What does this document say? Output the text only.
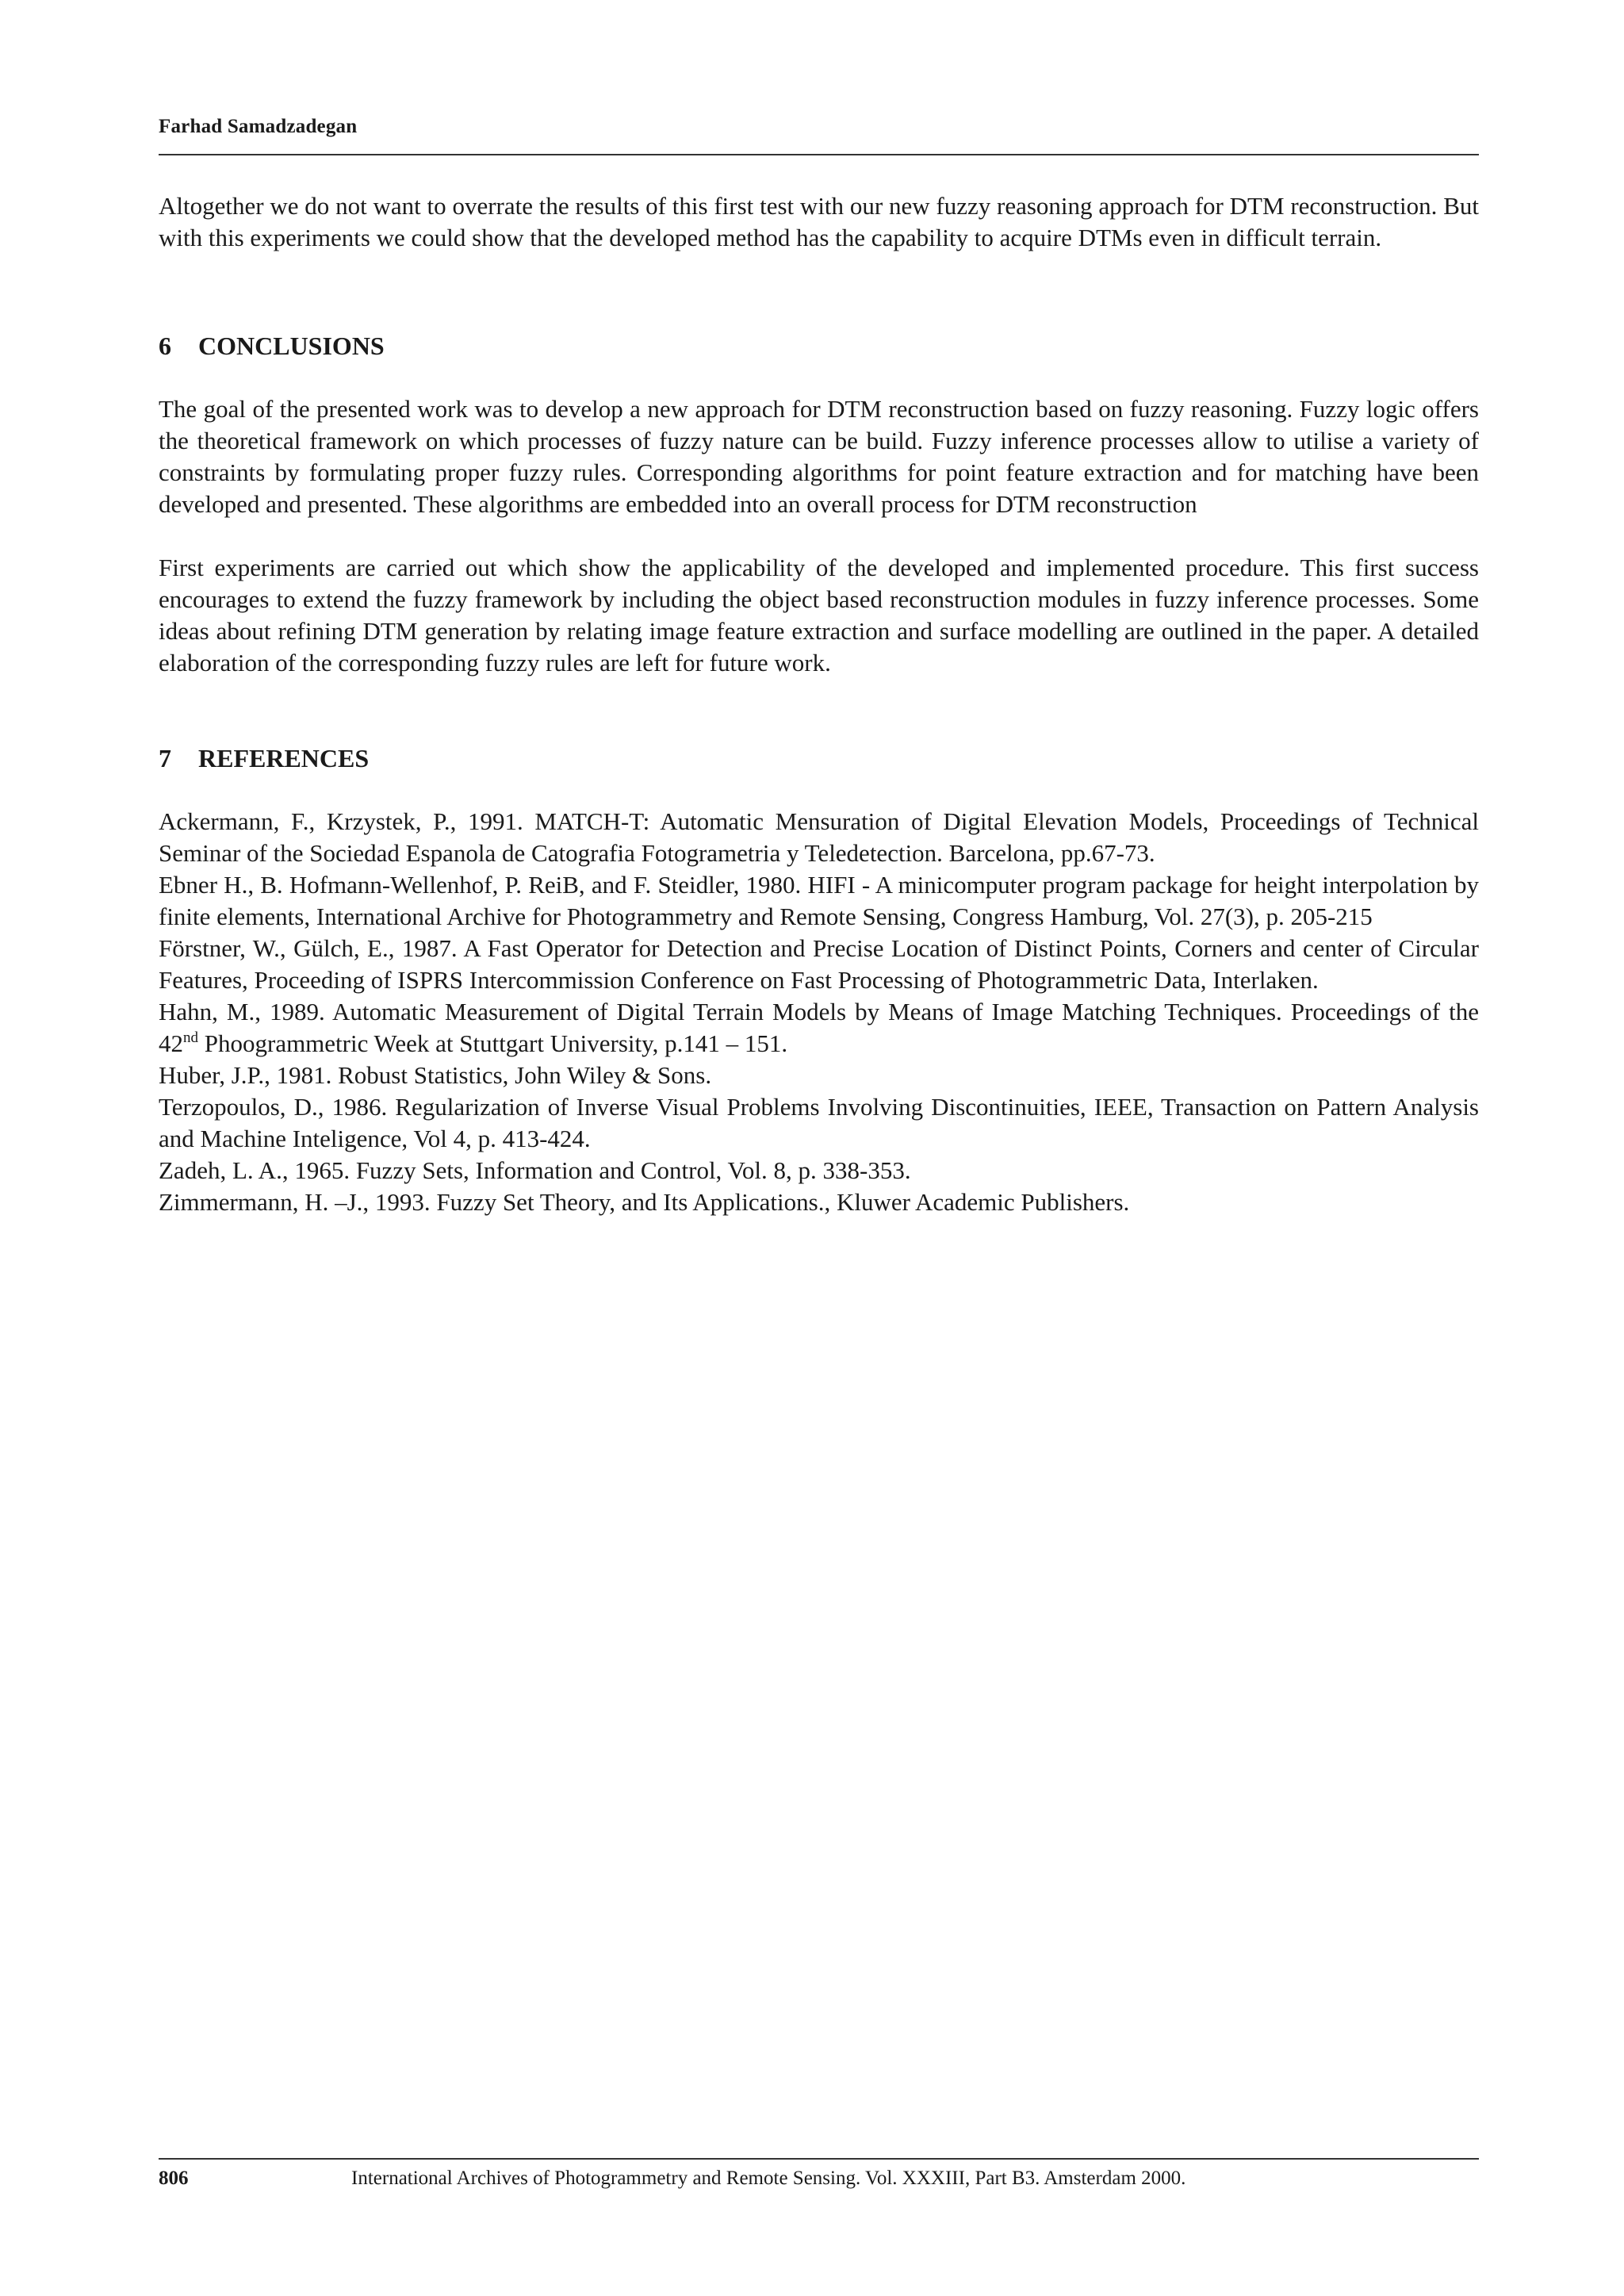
Farhad Samadzadegan

Altogether we do not want to overrate the results of this first test with our new fuzzy reasoning approach for DTM reconstruction. But with this experiments we could show that the developed method has the capability to acquire DTMs even in difficult terrain.

6 CONCLUSIONS

The goal of the presented work was to develop a new approach for DTM reconstruction based on fuzzy reasoning. Fuzzy logic offers the theoretical framework on which processes of fuzzy nature can be build. Fuzzy inference processes allow to utilise a variety of constraints by formulating proper fuzzy rules. Corresponding algorithms for point feature extraction and for matching have been developed and presented. These algorithms are embedded into an overall process for DTM reconstruction

First experiments are carried out which show the applicability of the developed and implemented procedure. This first success encourages to extend the fuzzy framework by including the object based reconstruction modules in fuzzy inference processes. Some ideas about refining DTM generation by relating image feature extraction and surface modelling are outlined in the paper. A detailed elaboration of the corresponding fuzzy rules are left for future work.

7 REFERENCES

Ackermann, F., Krzystek, P., 1991. MATCH-T: Automatic Mensuration of Digital Elevation Models, Proceedings of Technical Seminar of the Sociedad Espanola de Catografia Fotogrametria y Teledetection. Barcelona, pp.67-73.

Ebner H., B. Hofmann-Wellenhof, P. ReiB, and F. Steidler, 1980. HIFI - A minicomputer program package for height interpolation by finite elements, International Archive for Photogrammetry and Remote Sensing, Congress Hamburg, Vol. 27(3), p. 205-215

Förstner, W., Gülch, E., 1987. A Fast Operator for Detection and Precise Location of Distinct Points, Corners and center of Circular Features, Proceeding of ISPRS Intercommission Conference on Fast Processing of Photogrammetric Data, Interlaken.

Hahn, M., 1989. Automatic Measurement of Digital Terrain Models by Means of Image Matching Techniques. Proceedings of the 42nd Phoogrammetric Week at Stuttgart University, p.141 – 151.

Huber, J.P., 1981. Robust Statistics, John Wiley & Sons.

Terzopoulos, D., 1986. Regularization of Inverse Visual Problems Involving Discontinuities, IEEE, Transaction on Pattern Analysis and Machine Inteligence, Vol 4, p. 413-424.

Zadeh, L. A., 1965. Fuzzy Sets, Information and Control, Vol. 8, p. 338-353.

Zimmermann, H. –J., 1993. Fuzzy Set Theory, and Its Applications., Kluwer Academic Publishers.

806	International Archives of Photogrammetry and Remote Sensing. Vol. XXXIII, Part B3. Amsterdam 2000.
